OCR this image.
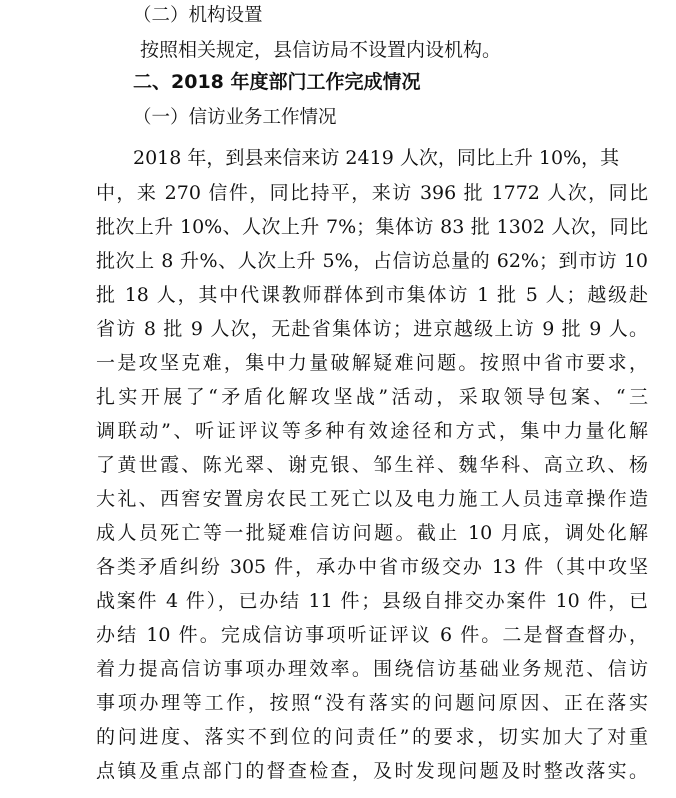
（二）机构设置
按照相关规定，县信访局不设置内设机构。
二、2018 年度部门工作完成情况
（一）信访业务工作情况
2018 年，到县来信来访 2419 人次，同比上升 10%，其
中，来 270 信件，同比持平，来访 396 批 1772 人次，同比
批次上升 10%、人次上升 7%；集体访 83 批 1302 人次，同比
批次上 8 升%、人次上升 5%，占信访总量的 62%；到市访 10
批 18 人，其中代课教师群体到市集体访 1 批 5 人；越级赴
省访 8 批 9 人次，无赴省集体访；进京越级上访 9 批 9 人。
一是攻坚克难，集中力量破解疑难问题。按照中省市要求，
扎实开展了“矛盾化解攻坚战”活动，采取领导包案、“三
调联动”、听证评议等多种有效途径和方式，集中力量化解
了黄世霞、陈光翠、谢克银、邹生祥、魏华科、高立玖、杨
大礼、西窖安置房农民工死亡以及电力施工人员违章操作造
成人员死亡等一批疑难信访问题。截止 10 月底，调处化解
各类矛盾纠纷 305 件，承办中省市级交办 13 件（其中攻坚
战案件 4 件），已办结 11 件；县级自排交办案件 10 件，已
办结 10 件。完成信访事项听证评议 6 件。二是督查督办，
着力提高信访事项办理效率。围绕信访基础业务规范、信访
事项办理等工作，按照“没有落实的问题问原因、正在落实
的问进度、落实不到位的问责任”的要求，切实加大了对重
点镇及重点部门的督查检查，及时发现问题及时整改落实。
